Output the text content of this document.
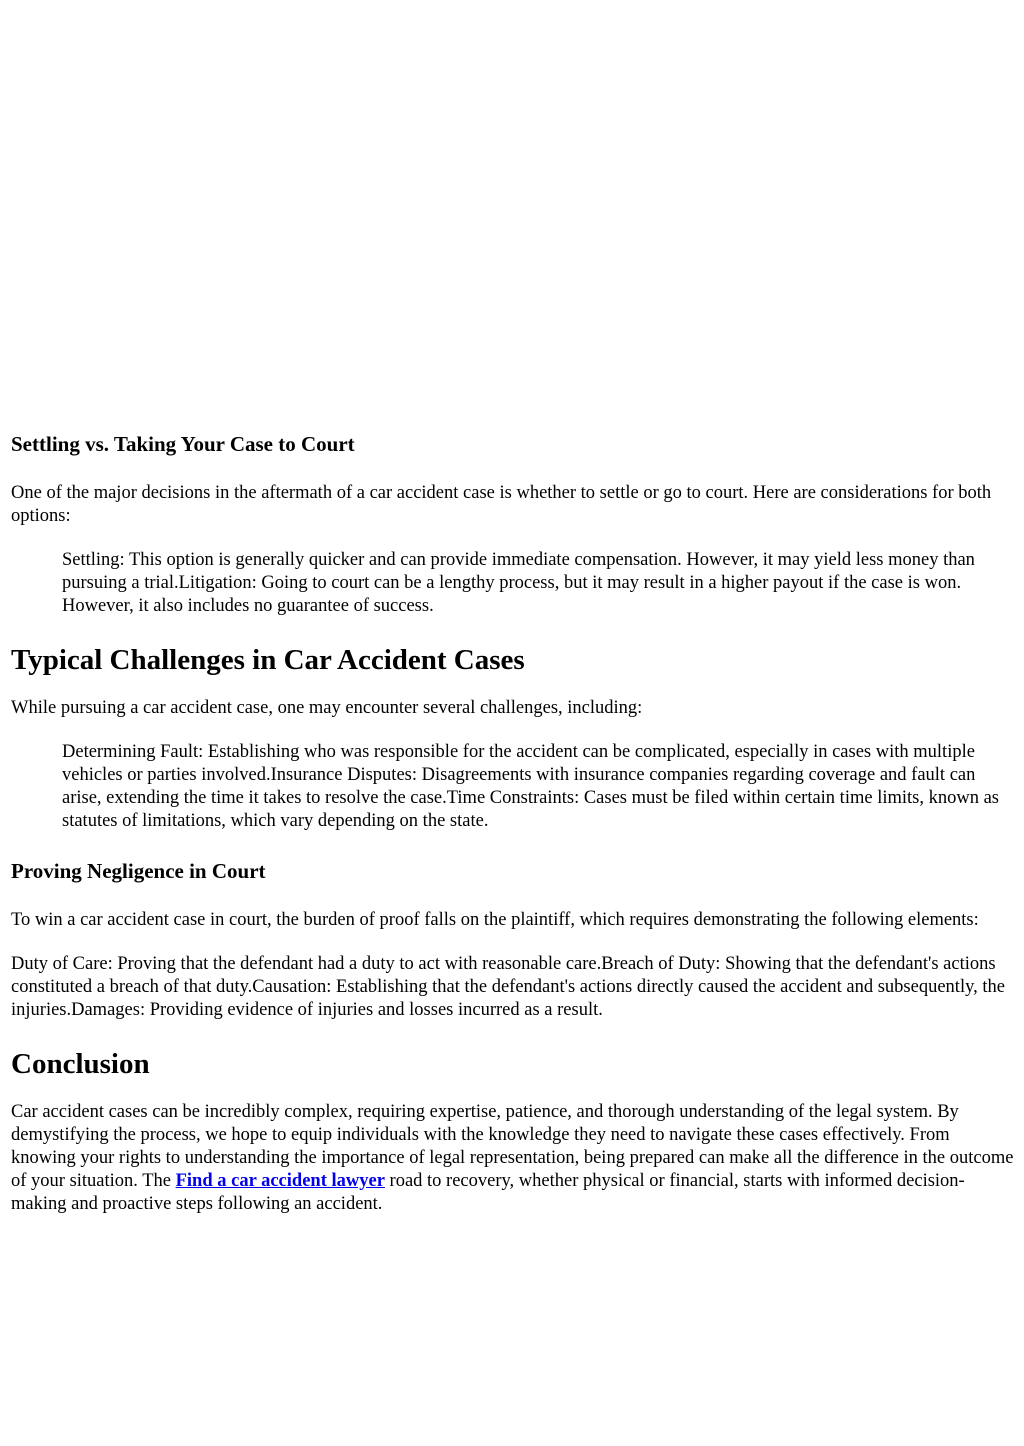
Settling vs. Taking Your Case to Court

One of the major decisions in the aftermath of a car accident case is whether to settle or go to court. Here are considerations for both options:

Settling: This option is generally quicker and can provide immediate compensation. However, it may yield less money than pursuing a trial.Litigation: Going to court can be a lengthy process, but it may result in a higher payout if the case is won. However, it also includes no guarantee of success.
Typical Challenges in Car Accident Cases

While pursuing a car accident case, one may encounter several challenges, including:

Determining Fault: Establishing who was responsible for the accident can be complicated, especially in cases with multiple vehicles or parties involved.Insurance Disputes: Disagreements with insurance companies regarding coverage and fault can arise, extending the time it takes to resolve the case.Time Constraints: Cases must be filed within certain time limits, known as statutes of limitations, which vary depending on the state.
Proving Negligence in Court

To win a car accident case in court, the burden of proof falls on the plaintiff, which requires demonstrating the following elements:

Duty of Care: Proving that the defendant had a duty to act with reasonable care.Breach of Duty: Showing that the defendant's actions constituted a breach of that duty.Causation: Establishing that the defendant's actions directly caused the accident and subsequently, the injuries.Damages: Providing evidence of injuries and losses incurred as a result.

Conclusion

Car accident cases can be incredibly complex, requiring expertise, patience, and thorough understanding of the legal system. By demystifying the process, we hope to equip individuals with the knowledge they need to navigate these cases effectively. From knowing your rights to understanding the importance of legal representation, being prepared can make all the difference in the outcome of your situation. The Find a car accident lawyer road to recovery, whether physical or financial, starts with informed decision-making and proactive steps following an accident.
